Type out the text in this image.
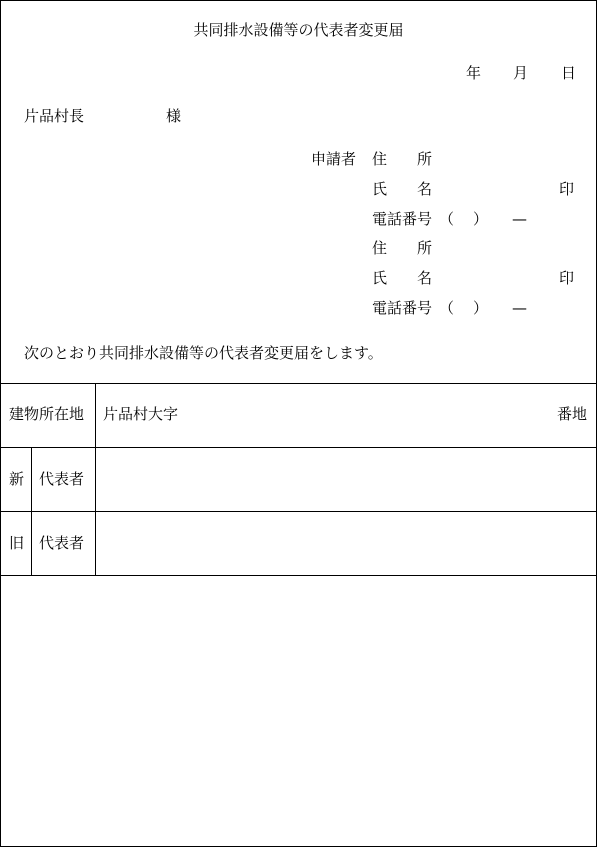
共同排水設備等の代表者変更届
年 月 日
片品村長	様
申請者 住　　所
氏　　名	印
電話番号 （ ） —
住　　所
氏　　名	印
電話番号 （ ） —
次のとおり共同排水設備等の代表者変更届をします。
建物所在地 片品村大字	番地
新 代表者
旧 代表者
